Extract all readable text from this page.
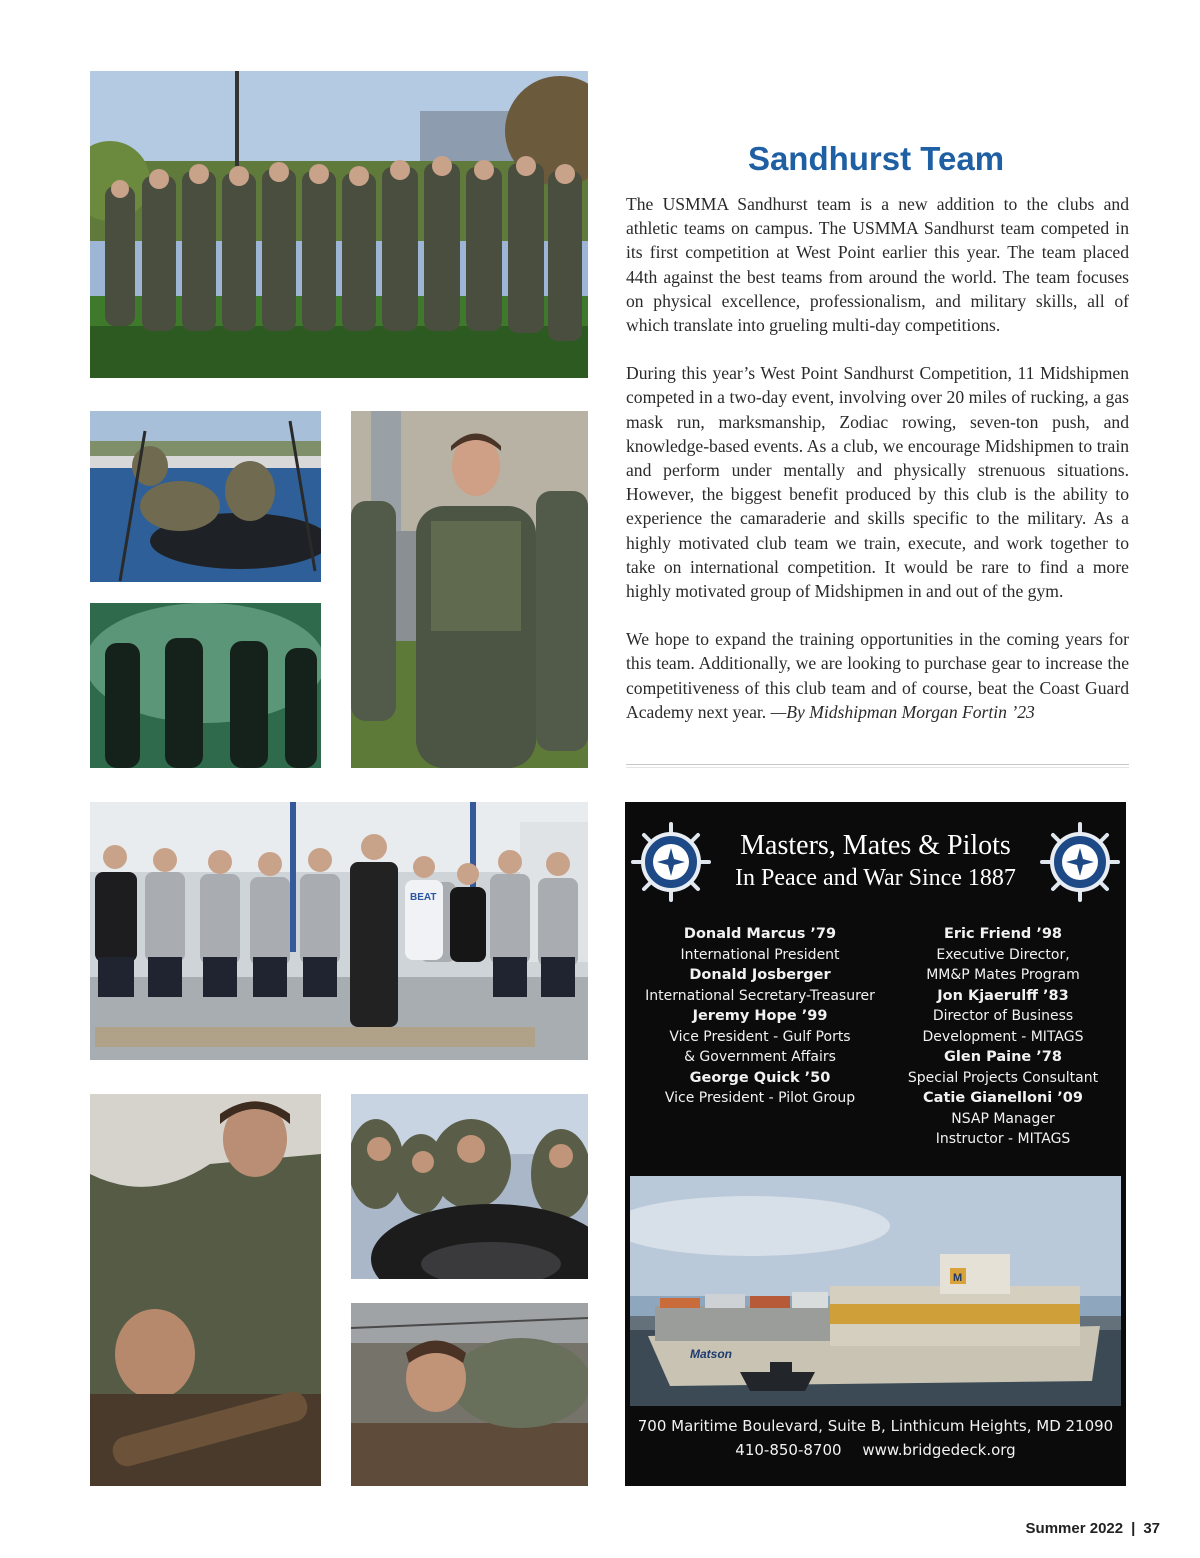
BEAT
Sandhurst Team

The USMMA Sandhurst team is a new addition to the clubs and athletic teams on campus. The USMMA Sandhurst team competed in its first competition at West Point earlier this year. The team placed 44th against the best teams from around the world. The team focuses on physical excellence, professionalism, and military skills, all of which translate into grueling multi-day competitions.

During this year’s West Point Sandhurst Competition, 11 Midshipmen competed in a two-day event, involving over 20 miles of rucking, a gas mask run, marksmanship, Zodiac rowing, seven-ton push, and knowledge-based events. As a club, we encourage Midshipmen to train and perform under mentally and physically strenuous situations. However, the biggest benefit produced by this club is the ability to experience the camaraderie and skills specific to the military. As a highly motivated club team we train, execute, and work together to take on international competition. It would be rare to find a more highly motivated group of Midshipmen in and out of the gym.

We hope to expand the training opportunities in the coming years for this team. Additionally, we are looking to purchase gear to increase the competitiveness of this club team and of course, beat the Coast Guard Academy next year. —By Midshipman Morgan Fortin ’23

Masters, Mates & Pilots
In Peace and War Since 1887
Donald Marcus ’79
International President
Donald Josberger
International Secretary-Treasurer
Jeremy Hope ’99
Vice President - Gulf Ports
& Government Affairs
George Quick ’50
Vice President - Pilot Group
Eric Friend ’98
Executive Director,
MM&P Mates Program
Jon Kjaerulff ’83
Director of Business
Development - MITAGS
Glen Paine ’78
Special Projects Consultant
Catie Gianelloni ’09
NSAP Manager
Instructor - MITAGS
M
Matson
700 Maritime Boulevard, Suite B, Linthicum Heights, MD 21090
410-850-8700 www.bridgedeck.org
Summer 2022 | 37
